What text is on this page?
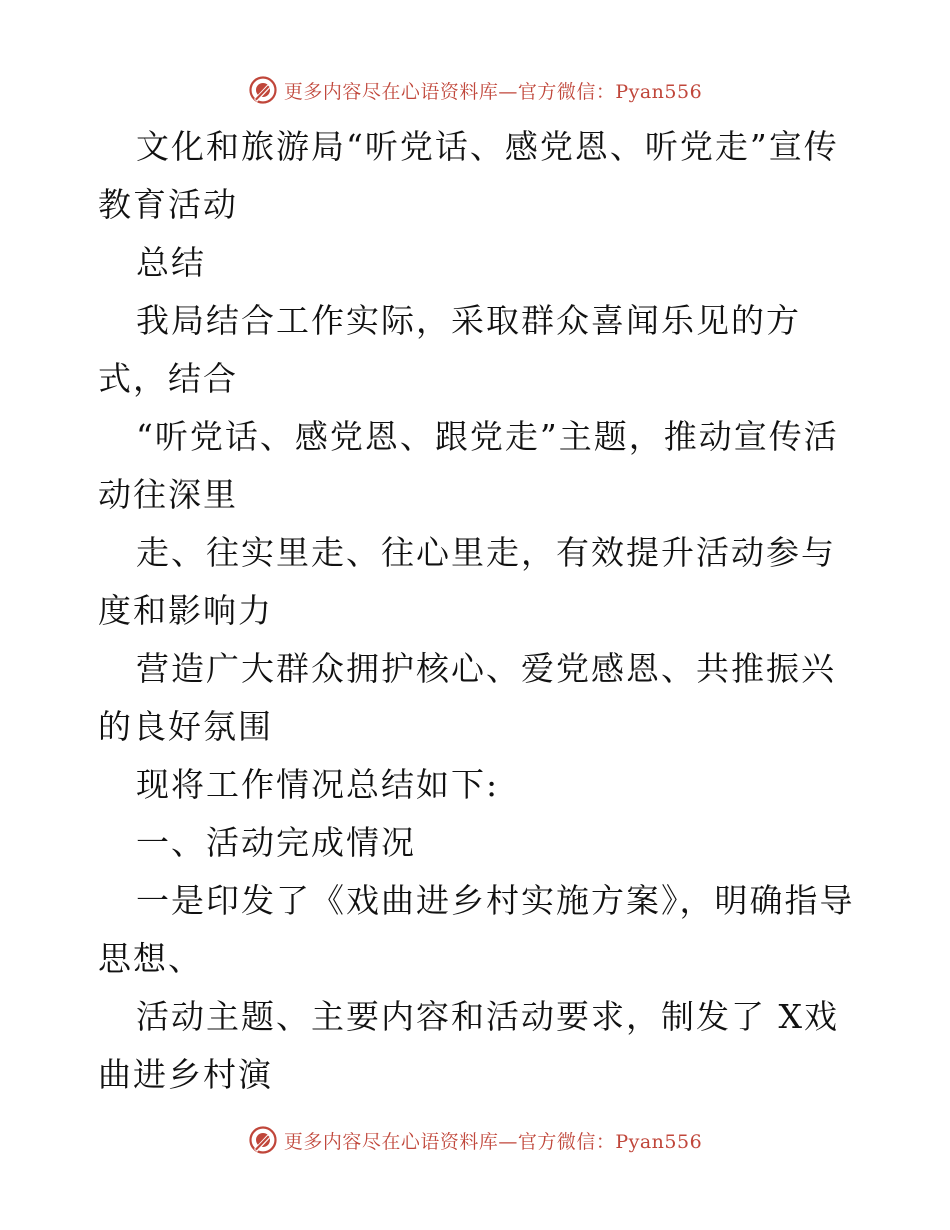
更多内容尽在心语资料库—官方微信：Pyan556

文化和旅游局“听党话、感党恩、听党走”宣传教育活动

总结

我局结合工作实际，采取群众喜闻乐见的方式，结合

“听党话、感党恩、跟党走”主题，推动宣传活动往深里

走、往实里走、往心里走，有效提升活动参与度和影响力

营造广大群众拥护核心、爱党感恩、共推振兴的良好氛围

现将工作情况总结如下:

一、活动完成情况

一是印发了《戏曲进乡村实施方案》，明确指导思想、

活动主题、主要内容和活动要求，制发了 X戏曲进乡村演

更多内容尽在心语资料库—官方微信：Pyan556
